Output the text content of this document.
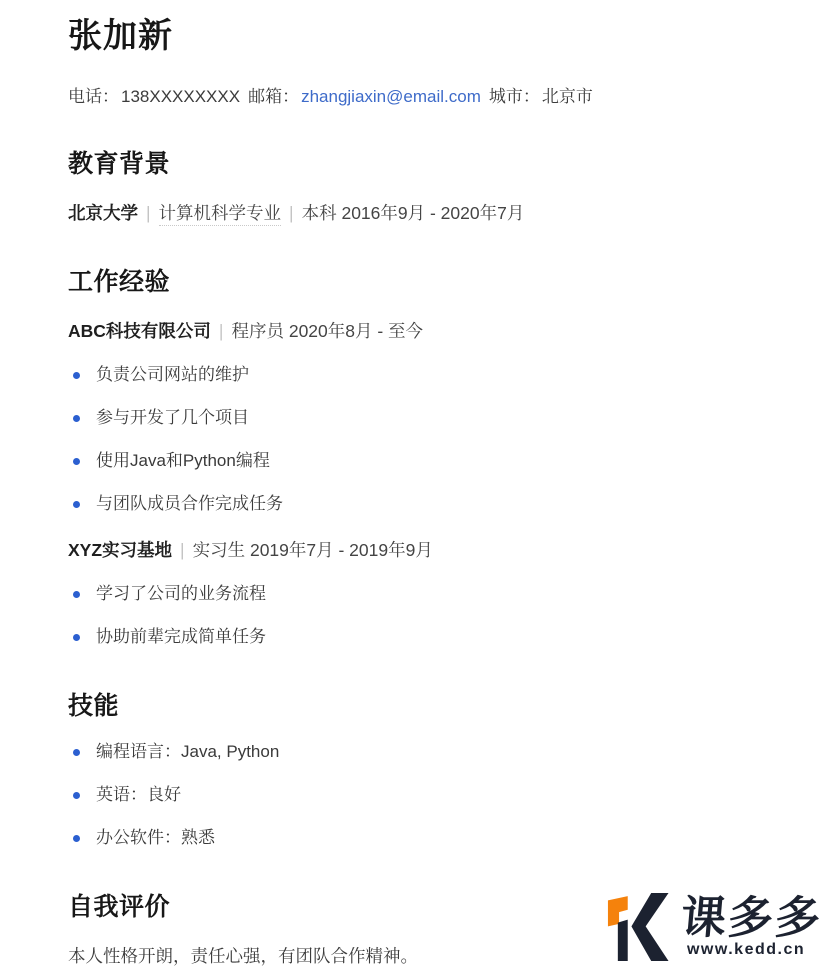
张加新

电话： 138XXXXXXXX 邮箱： zhangjiaxin@email.com 城市： 北京市

教育背景

北京大学 | 计算机科学专业 | 本科 2016年9月 - 2020年7月

工作经验

ABC科技有限公司 | 程序员 2020年8月 - 至今

负责公司网站的维护
参与开发了几个项目
使用Java和Python编程
与团队成员合作完成任务

XYZ实习基地 | 实习生 2019年7月 - 2019年9月

学习了公司的业务流程
协助前辈完成简单任务
技能
编程语言：Java, Python
英语：良好
办公软件：熟悉
自我评价

本人性格开朗，责任心强，有团队合作精神。

课多多
www.kedd.cn
